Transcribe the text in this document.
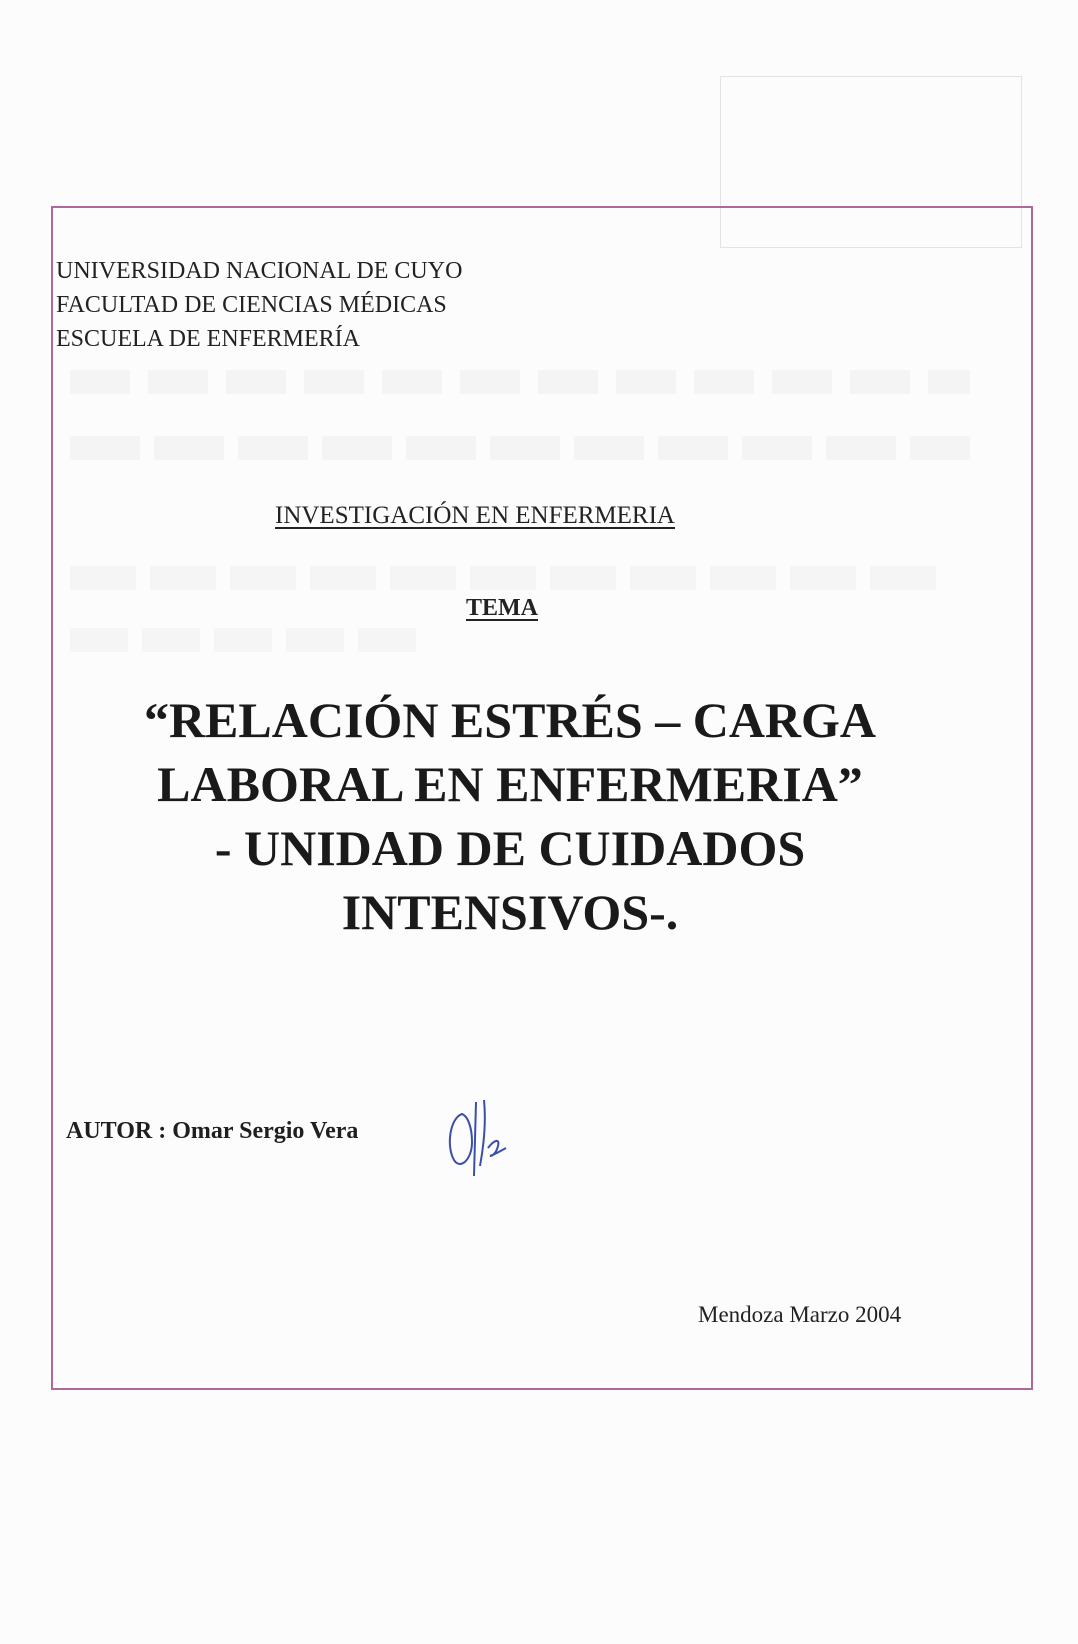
UNIVERSIDAD NACIONAL DE CUYO
FACULTAD DE CIENCIAS MÉDICAS
ESCUELA DE ENFERMERÍA
INVESTIGACIÓN EN ENFERMERIA
TEMA
“RELACIÓN ESTRÉS – CARGA
LABORAL EN ENFERMERIA”
- UNIDAD DE CUIDADOS
INTENSIVOS-.
AUTOR : Omar Sergio Vera
Mendoza Marzo 2004
